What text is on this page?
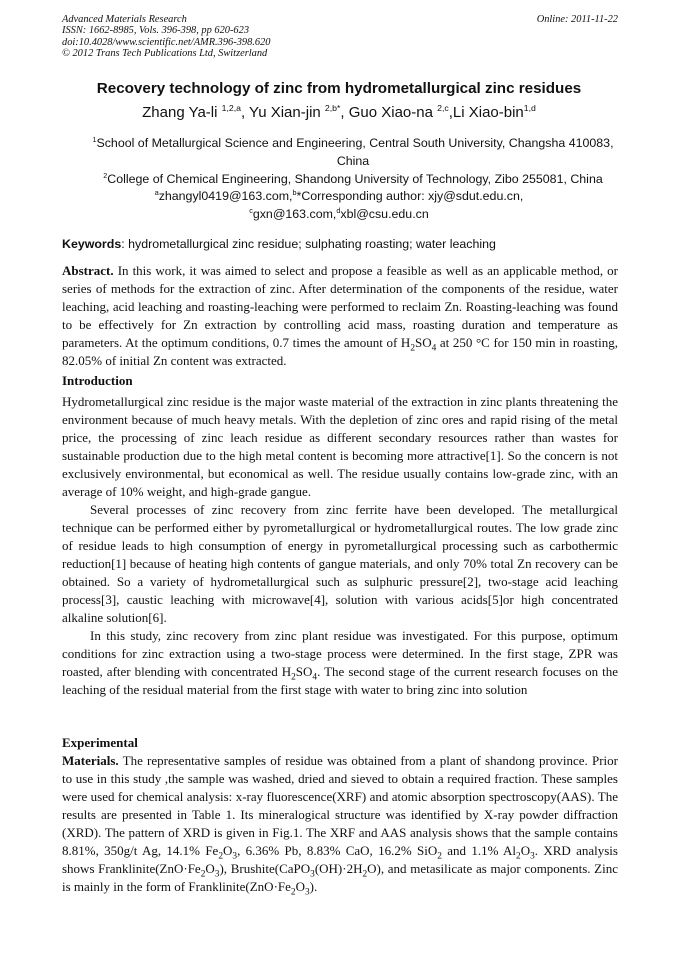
Advanced Materials Research
ISSN: 1662-8985, Vols. 396-398, pp 620-623
doi:10.4028/www.scientific.net/AMR.396-398.620
© 2012 Trans Tech Publications Ltd, Switzerland
Online: 2011-11-22
Recovery technology of zinc from hydrometallurgical zinc residues
Zhang Ya-li $^{1,2,a}$, Yu Xian-jin $^{2,b*}$, Guo Xiao-na $^{2,c}$,Li Xiao-bin$^{1,d}$
$^1$School of Metallurgical Science and Engineering, Central South University, Changsha 410083, China
$^2$College of Chemical Engineering, Shandong University of Technology, Zibo 255081, China
$^a$zhangyl0419@163.com,$^b$*Corresponding author: xjy@sdut.edu.cn,
$^c$gxn@163.com,$^d$xbl@csu.edu.cn
Keywords: hydrometallurgical zinc residue; sulphating roasting; water leaching

Abstract. In this work, it was aimed to select and propose a feasible as well as an applicable method, or series of methods for the extraction of zinc. After determination of the components of the residue, water leaching, acid leaching and roasting-leaching were performed to reclaim Zn. Roasting-leaching was found to be effectively for Zn extraction by controlling acid mass, roasting duration and temperature as parameters. At the optimum conditions, 0.7 times the amount of $H_2SO_4$ at 250 °C for 150 min in roasting, 82.05% of initial Zn content was extracted.

Introduction

Hydrometallurgical zinc residue is the major waste material of the extraction in zinc plants threatening the environment because of much heavy metals. With the depletion of zinc ores and rapid rising of the metal price, the processing of zinc leach residue as different secondary resources rather than wastes for sustainable production due to the high metal content is becoming more attractive[1]. So the concern is not exclusively environmental, but economical as well. The residue usually contains low-grade zinc, with an average of 10% weight, and high-grade gangue.

Several processes of zinc recovery from zinc ferrite have been developed. The metallurgical technique can be performed either by pyrometallurgical or hydrometallurgical routes. The low grade zinc of residue leads to high consumption of energy in pyrometallurgical processing such as carbothermic reduction[1] because of heating high contents of gangue materials, and only 70% total Zn recovery can be obtained. So a variety of hydrometallurgical such as sulphuric pressure[2], two-stage acid leaching process[3], caustic leaching with microwave[4], solution with various acids[5]or high concentrated alkaline solution[6].

In this study, zinc recovery from zinc plant residue was investigated. For this purpose, optimum conditions for zinc extraction using a two-stage process were determined. In the first stage, ZPR was roasted, after blending with concentrated $H_2SO_4$. The second stage of the current research focuses on the leaching of the residual material from the first stage with water to bring zinc into solution

Experimental

Materials. The representative samples of residue was obtained from a plant of shandong province. Prior to use in this study ,the sample was washed, dried and sieved to obtain a required fraction. These samples were used for chemical analysis: x-ray fluorescence(XRF) and atomic absorption spectroscopy(AAS). The results are presented in Table 1. Its mineralogical structure was identified by X-ray powder diffraction (XRD). The pattern of XRD is given in Fig.1. The XRF and AAS analysis shows that the sample contains 8.81%, 350g/t Ag, 14.1% $Fe_2O_3$, 6.36% Pb, 8.83% CaO, 16.2% SiO$_2$ and 1.1% $Al_2O_3$. XRD analysis shows $Franklinite(ZnO\cdot Fe_2O_3)$, $Brushite(CaPO_3(OH)\cdot 2H_2O)$, and metasilicate as major components. Zinc is mainly in the form of $Franklinite(ZnO\cdot Fe_2O_3)$.
